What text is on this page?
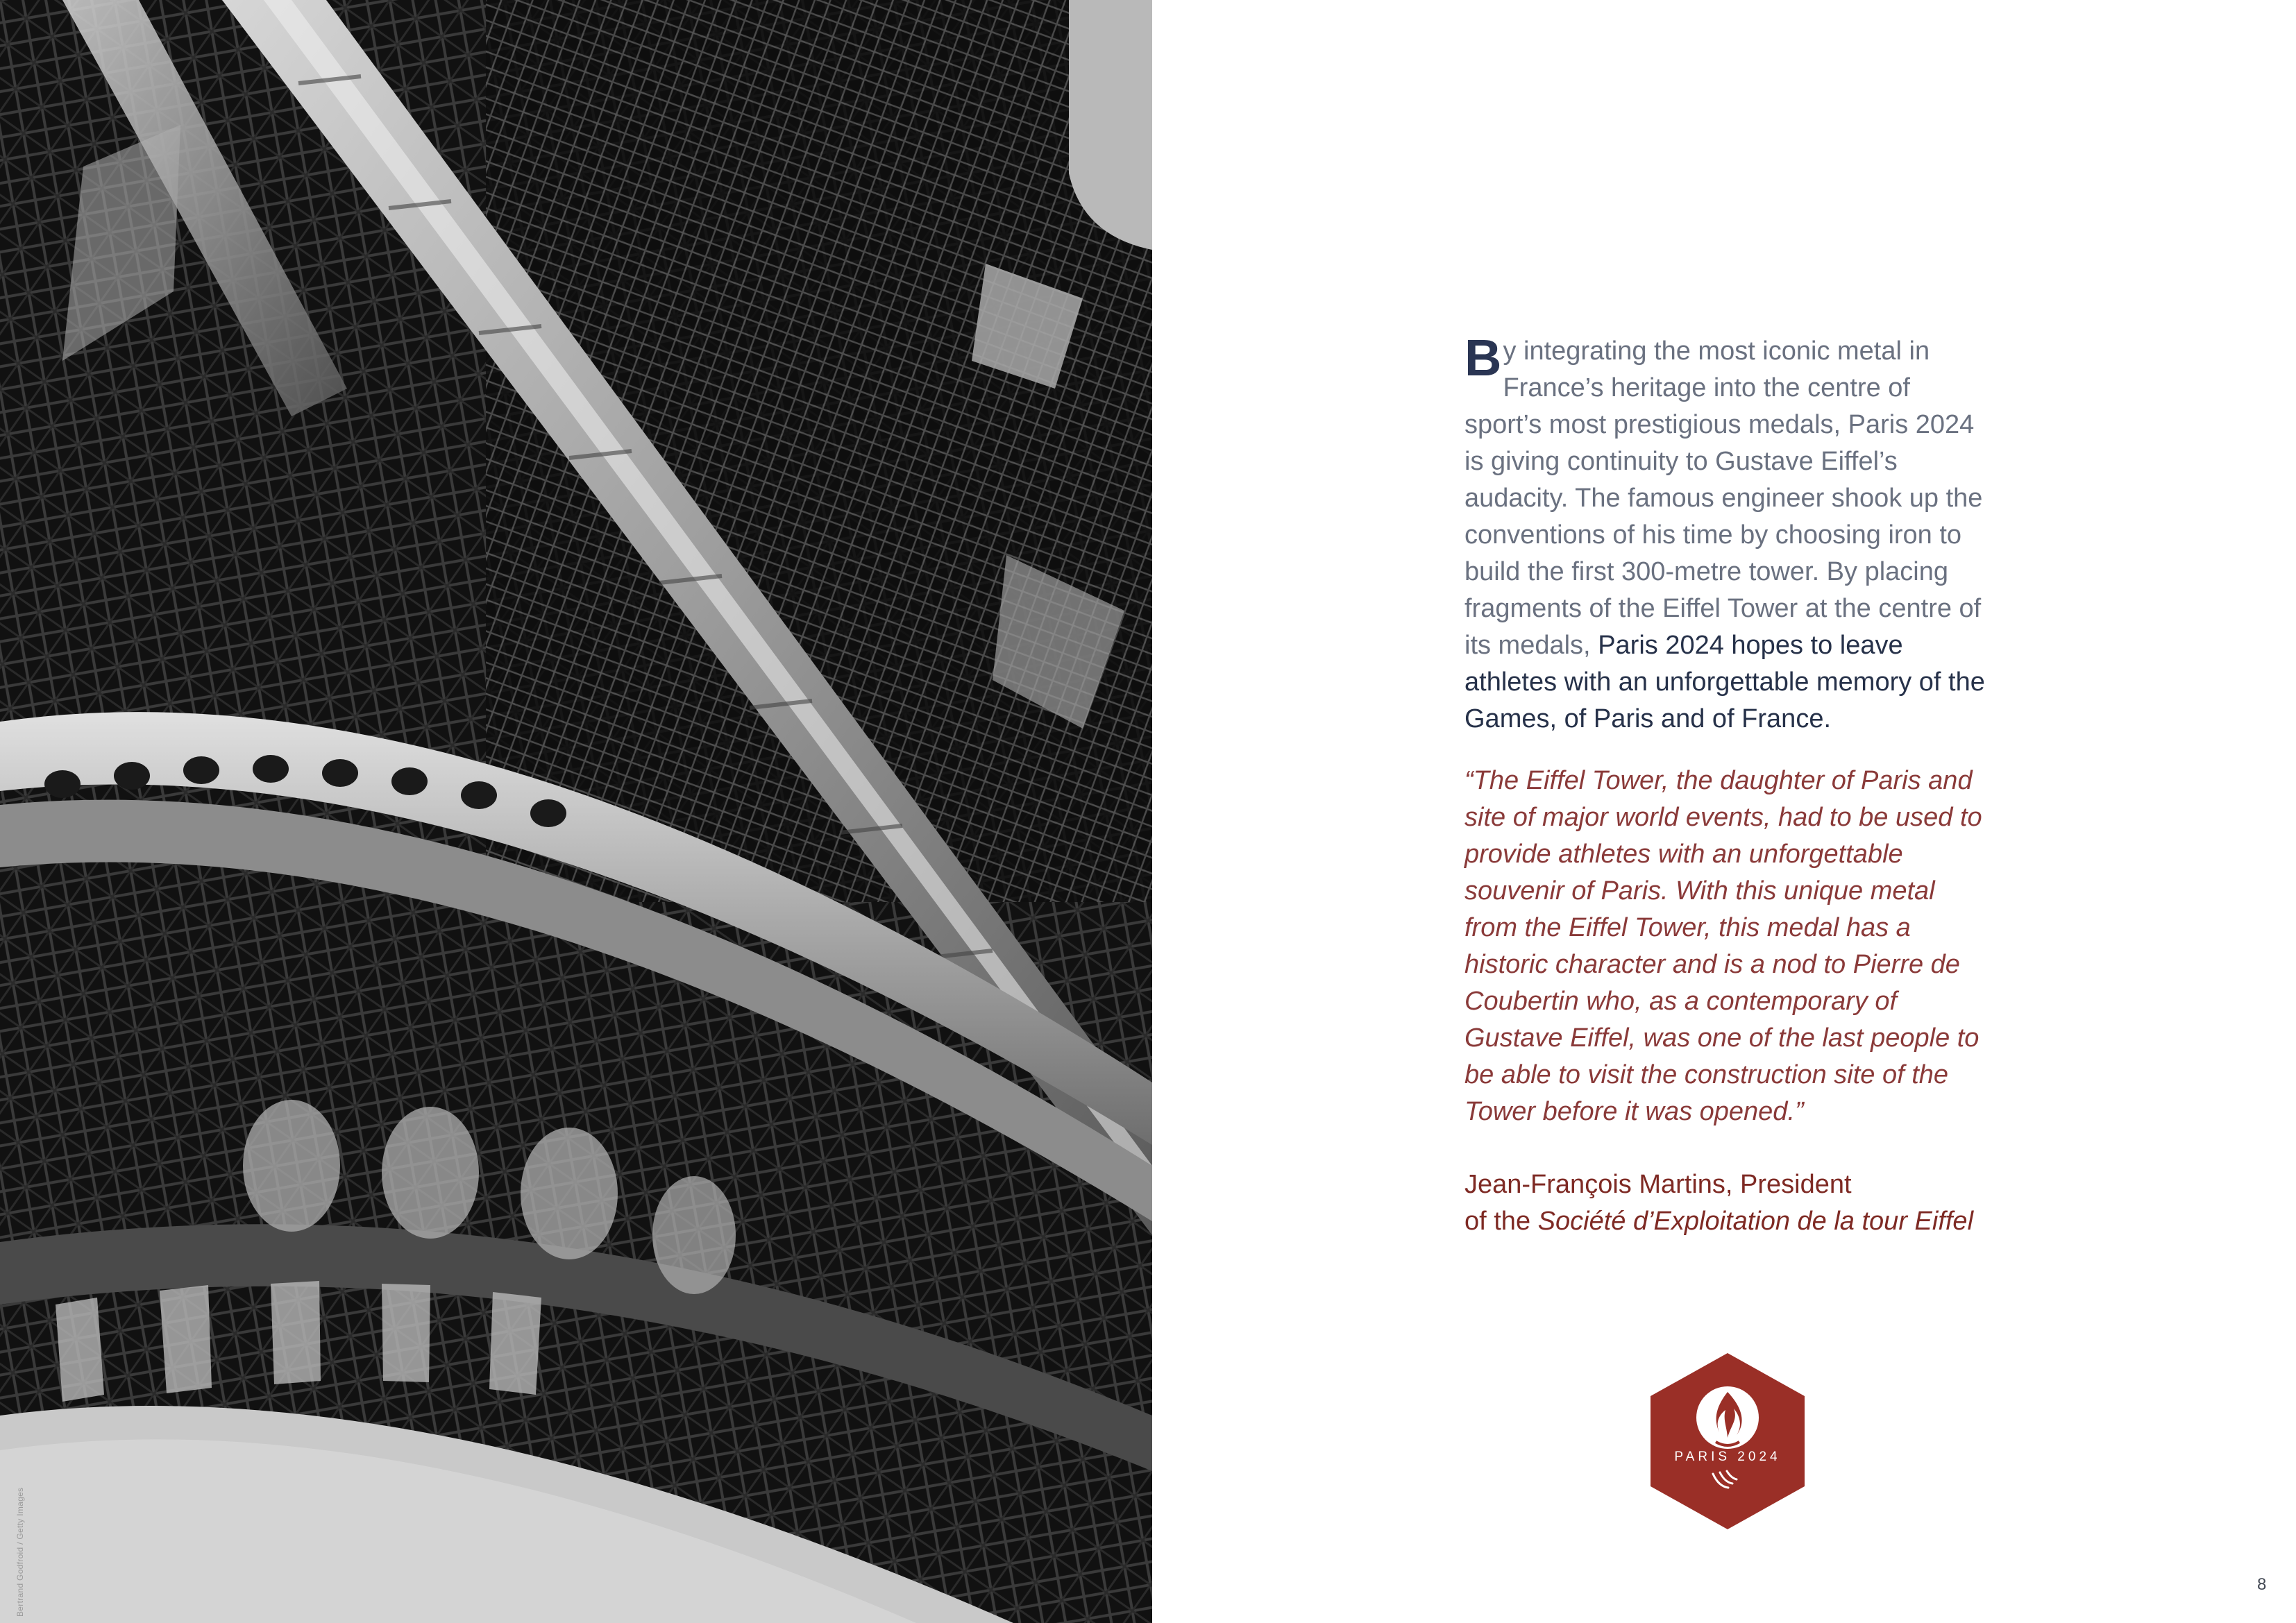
Bertrand Godfroid / Getty Images

By integrating the most iconic metal in France’s heritage into the centre of sport’s most prestigious medals, Paris 2024 is giving continuity to Gustave Eiffel’s audacity. The famous engineer shook up the conventions of his time by choosing iron to build the first 300-metre tower. By placing fragments of the Eiffel Tower at the centre of its medals, Paris 2024 hopes to leave athletes with an unforgettable memory of the Games, of Paris and of France.

“The Eiffel Tower, the daughter of Paris and site of major world events, had to be used to provide athletes with an unforgettable souvenir of Paris. With this unique metal from the Eiffel Tower, this medal has a historic character and is a nod to Pierre de Coubertin who, as a contemporary of Gustave Eiffel, was one of the last people to be able to visit the construction site of the Tower before it was opened.”

Jean-François Martins, President
of the Société d’Exploitation de la tour Eiffel

PARIS 2024
8
